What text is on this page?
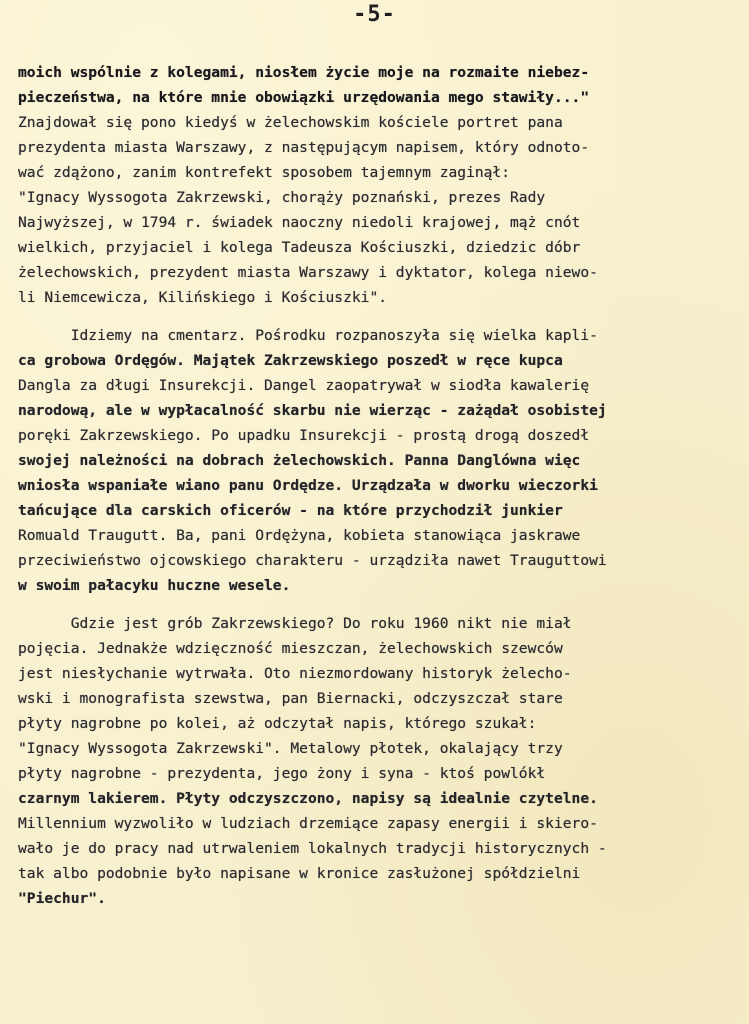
-5-
moich wspólnie z kolegami, niosłem życie moje na rozmaite niebez-
pieczeństwa, na które mnie obowiązki urzędowania mego stawiły..."
Znajdował się pono kiedyś w żelechowskim kościele portret pana
prezydenta miasta Warszawy, z następującym napisem, który odnoto-
wać zdążono, zanim kontrefekt sposobem tajemnym zaginął:
"Ignacy Wyssogota Zakrzewski, chorąży poznański, prezes Rady
Najwyższej, w 1794 r. świadek naoczny niedoli krajowej, mąż cnót
wielkich, przyjaciel i kolega Tadeusza Kościuszki, dziedzic dóbr
żelechowskich, prezydent miasta Warszawy i dyktator, kolega niewo-
li Niemcewicza, Kilińskiego i Kościuszki".
Idziemy na cmentarz. Pośrodku rozpanoszyła się wielka kapli-
ca grobowa Ordęgów. Majątek Zakrzewskiego poszedł w ręce kupca
Dangla za długi Insurekcji. Dangel zaopatrywał w siodła kawalerię
narodową, ale w wypłacalność skarbu nie wierząc - zażądał osobistej
poręki Zakrzewskiego. Po upadku Insurekcji - prostą drogą doszedł
swojej należności na dobrach żelechowskich. Panna Danglówna więc
wniosła wspaniałe wiano panu Ordędze. Urządzała w dworku wieczorki
tańcujące dla carskich oficerów - na które przychodził junkier
Romuald Traugutt. Ba, pani Ordężyna, kobieta stanowiąca jaskrawe
przeciwieństwo ojcowskiego charakteru - urządziła nawet Trauguttowi
w swoim pałacyku huczne wesele.
Gdzie jest grób Zakrzewskiego? Do roku 1960 nikt nie miał
pojęcia. Jednakże wdzięczność mieszczan, żelechowskich szewców
jest niesłychanie wytrwała. Oto niezmordowany historyk żelecho-
wski i monografista szewstwa, pan Biernacki, odczyszczał stare
płyty nagrobne po kolei, aż odczytał napis, którego szukał:
"Ignacy Wyssogota Zakrzewski". Metalowy płotek, okalający trzy
płyty nagrobne - prezydenta, jego żony i syna - ktoś powlókł
czarnym lakierem. Płyty odczyszczono, napisy są idealnie czytelne.
Millennium wyzwoliło w ludziach drzemiące zapasy energii i skiero-
wało je do pracy nad utrwaleniem lokalnych tradycji historycznych -
tak albo podobnie było napisane w kronice zasłużonej spółdzielni
"Piechur".
